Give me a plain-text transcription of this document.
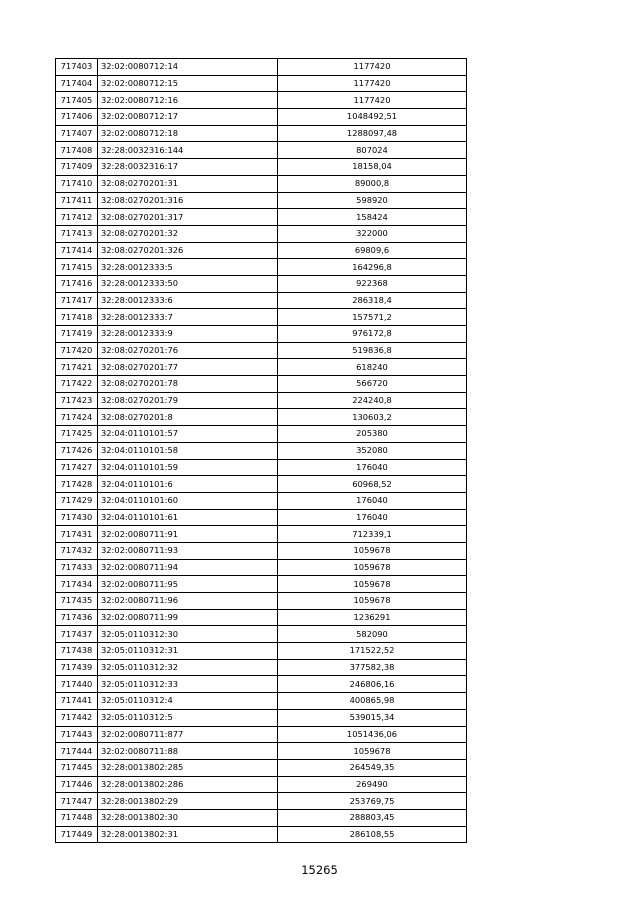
717403	32:02:0080712:14	1177420
717404	32:02:0080712:15	1177420
717405	32:02:0080712:16	1177420
717406	32:02:0080712:17	1048492,51
717407	32:02:0080712:18	1288097,48
717408	32:28:0032316:144	807024
717409	32:28:0032316:17	18158,04
717410	32:08:0270201:31	89000,8
717411	32:08:0270201:316	598920
717412	32:08:0270201:317	158424
717413	32:08:0270201:32	322000
717414	32:08:0270201:326	69809,6
717415	32:28:0012333:5	164296,8
717416	32:28:0012333:50	922368
717417	32:28:0012333:6	286318,4
717418	32:28:0012333:7	157571,2
717419	32:28:0012333:9	976172,8
717420	32:08:0270201:76	519836,8
717421	32:08:0270201:77	618240
717422	32:08:0270201:78	566720
717423	32:08:0270201:79	224240,8
717424	32:08:0270201:8	130603,2
717425	32:04:0110101:57	205380
717426	32:04:0110101:58	352080
717427	32:04:0110101:59	176040
717428	32:04:0110101:6	60968,52
717429	32:04:0110101:60	176040
717430	32:04:0110101:61	176040
717431	32:02:0080711:91	712339,1
717432	32:02:0080711:93	1059678
717433	32:02:0080711:94	1059678
717434	32:02:0080711:95	1059678
717435	32:02:0080711:96	1059678
717436	32:02:0080711:99	1236291
717437	32:05:0110312:30	582090
717438	32:05:0110312:31	171522,52
717439	32:05:0110312:32	377582,38
717440	32:05:0110312:33	246806,16
717441	32:05:0110312:4	400865,98
717442	32:05:0110312:5	539015,34
717443	32:02:0080711:877	1051436,06
717444	32:02:0080711:88	1059678
717445	32:28:0013802:285	264549,35
717446	32:28:0013802:286	269490
717447	32:28:0013802:29	253769,75
717448	32:28:0013802:30	288803,45
717449	32:28:0013802:31	286108,55
15265
